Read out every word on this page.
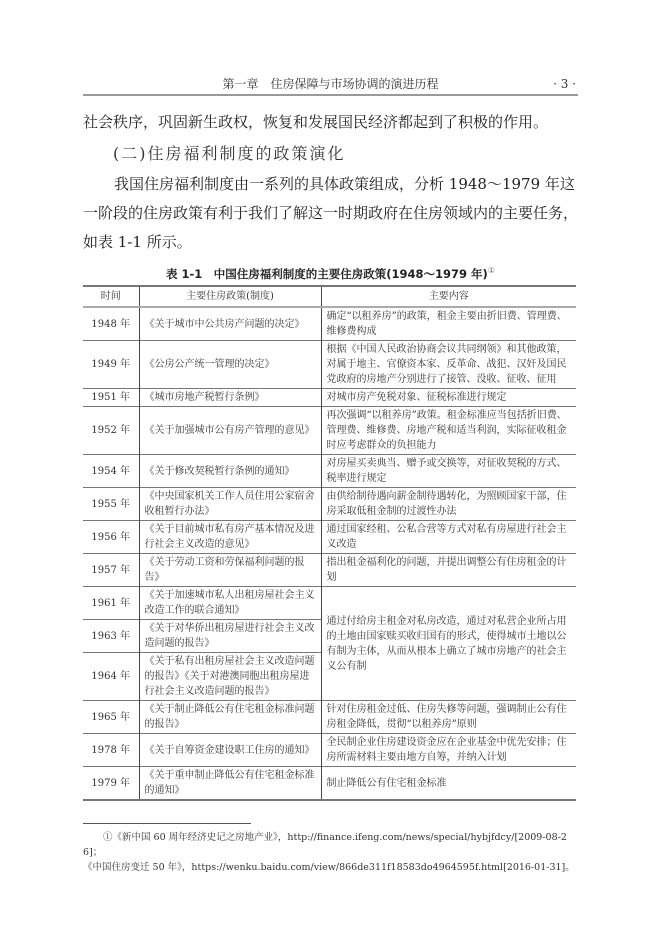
第一章　住房保障与市场协调的演进历程	· 3 ·
社会秩序，巩固新生政权，恢复和发展国民经济都起到了积极的作用。
(二)住房福利制度的政策演化
我国住房福利制度由一系列的具体政策组成，分析 1948～1979 年这一阶段的住房政策有利于我们了解这一时期政府在住房领域内的主要任务，如表 1-1 所示。
表 1-1　中国住房福利制度的主要住房政策(1948～1979 年)①
时间	主要住房政策(制度)	主要内容
1948 年	《关于城市中公共房产问题的决定》	确定“以租养房”的政策，租金主要由折旧费、管理费、维修费构成
1949 年	《公房公产统一管理的决定》	根据《中国人民政治协商会议共同纲领》和其他政策，对属于地主、官僚资本家、反革命、战犯、汉奸及国民党政府的房地产分别进行了接管、没收、征收、征用
1951 年	《城市房地产税暂行条例》	对城市房产免税对象、征税标准进行规定
1952 年	《关于加强城市公有房产管理的意见》	再次强调“以租养房”政策。租金标准应当包括折旧费、管理费、维修费、房地产税和适当利润，实际征收租金时应考虑群众的负担能力
1954 年	《关于修改契税暂行条例的通知》	对房屋买卖典当、赠予或交换等，对征收契税的方式、税率进行规定
1955 年	《中央国家机关工作人员住用公家宿舍收租暂行办法》	由供给制待遇向薪金制待遇转化，为照顾国家干部，住房采取低租金制的过渡性办法
1956 年	《关于目前城市私有房产基本情况及进行社会主义改造的意见》	通过国家经租、公私合营等方式对私有房屋进行社会主义改造
1957 年	《关于劳动工资和劳保福利问题的报告》	指出租金福利化的问题，并提出调整公有住房租金的计划
1961 年	《关于加速城市私人出租房屋社会主义改造工作的联合通知》	通过付给房主租金对私房改造，通过对私营企业所占用的土地由国家赎买收归国有的形式，使得城市土地以公有制为主体，从而从根本上确立了城市房地产的社会主义公有制
1963 年	《关于对华侨出租房屋进行社会主义改造问题的报告》	
1964 年	《关于私有出租房屋社会主义改造问题的报告》《关于对港澳同胞出租房屋进行社会主义改造问题的报告》	
1965 年	《关于制止降低公有住宅租金标准问题的报告》	针对住房租金过低、住房失修等问题，强调制止公有住房租金降低，贯彻“以租养房”原则
1978 年	《关于自筹资金建设职工住房的通知》	全民制企业住房建设资金应在企业基金中优先安排；住房所需材料主要由地方自筹，并纳入计划
1979 年	《关于重申制止降低公有住宅租金标准的通知》	制止降低公有住宅租金标准
①《新中国 60 周年经济史记之房地产业》，http://finance.ifeng.com/news/special/hybjfdcy/[2009-08-26]；
《中国住房变迁 50 年》，https://wenku.baidu.com/view/866de311f18583do4964595f.html[2016-01-31]。
